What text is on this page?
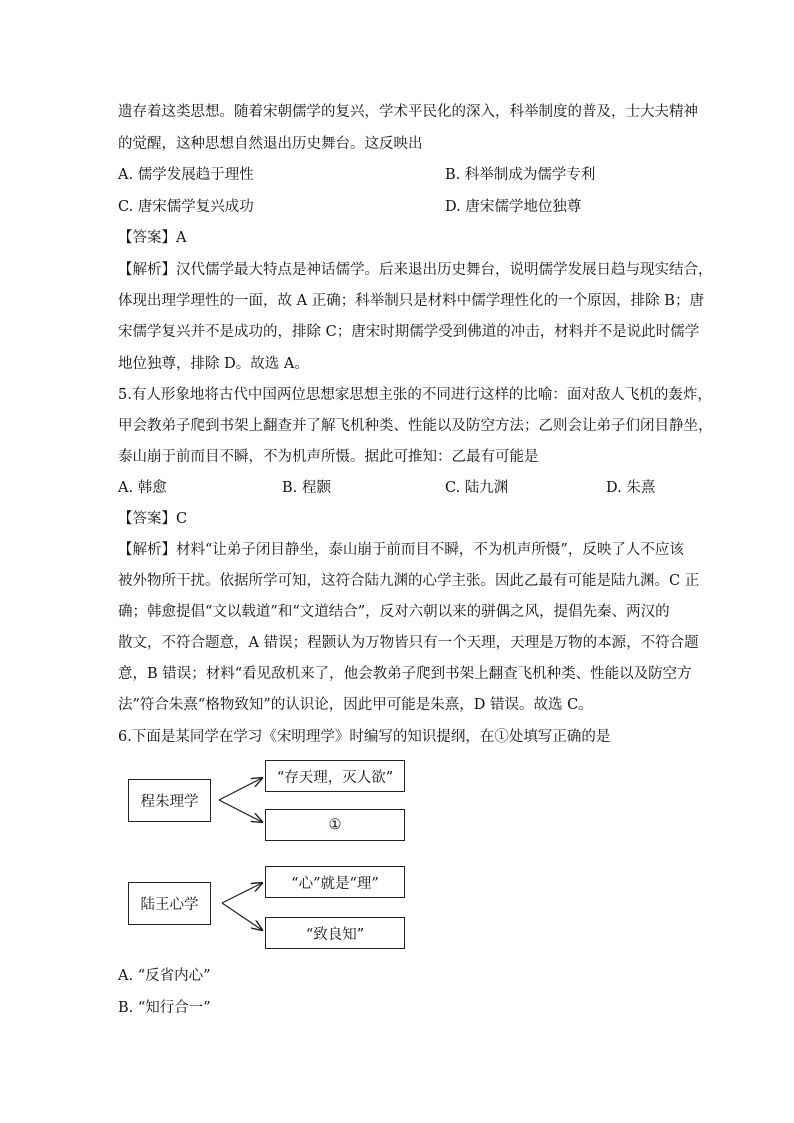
遗存着这类思想。随着宋朝儒学的复兴，学术平民化的深入，科举制度的普及，士大夫精神
的觉醒，这种思想自然退出历史舞台。这反映出
A. 儒学发展趋于理性	B. 科举制成为儒学专利
C. 唐宋儒学复兴成功	D. 唐宋儒学地位独尊
【答案】A
【解析】汉代儒学最大特点是神话儒学。后来退出历史舞台，说明儒学发展日趋与现实结合，
体现出理学理性的一面，故 A 正确；科举制只是材料中儒学理性化的一个原因，排除 B；唐
宋儒学复兴并不是成功的，排除 C；唐宋时期儒学受到佛道的冲击，材料并不是说此时儒学
地位独尊，排除 D。故选 A。
5.有人形象地将古代中国两位思想家思想主张的不同进行这样的比喻：面对敌人飞机的轰炸，
甲会教弟子爬到书架上翻查并了解飞机种类、性能以及防空方法；乙则会让弟子们闭目静坐，
泰山崩于前而目不瞬，不为机声所慑。据此可推知：乙最有可能是
A. 韩愈	B. 程颢	C. 陆九渊	D. 朱熹
【答案】C
【解析】材料“让弟子闭目静坐，泰山崩于前而目不瞬，不为机声所慑”，反映了人不应该
被外物所干扰。依据所学可知，这符合陆九渊的心学主张。因此乙最有可能是陆九渊。C 正
确；韩愈提倡“文以载道”和“文道结合”，反对六朝以来的骈偶之风，提倡先秦、两汉的
散文，不符合题意，A 错误；程颢认为万物皆只有一个天理，天理是万物的本源，不符合题
意，B 错误；材料“看见敌机来了，他会教弟子爬到书架上翻查飞机种类、性能以及防空方
法”符合朱熹“格物致知”的认识论，因此甲可能是朱熹，D 错误。故选 C。
6.下面是某同学在学习《宋明理学》时编写的知识提纲，在①处填写正确的是
程朱理学
“存天理，灭人欲”
①
陆王心学
“心”就是“理”
“致良知”
A. “反省内心”
B. “知行合一”
